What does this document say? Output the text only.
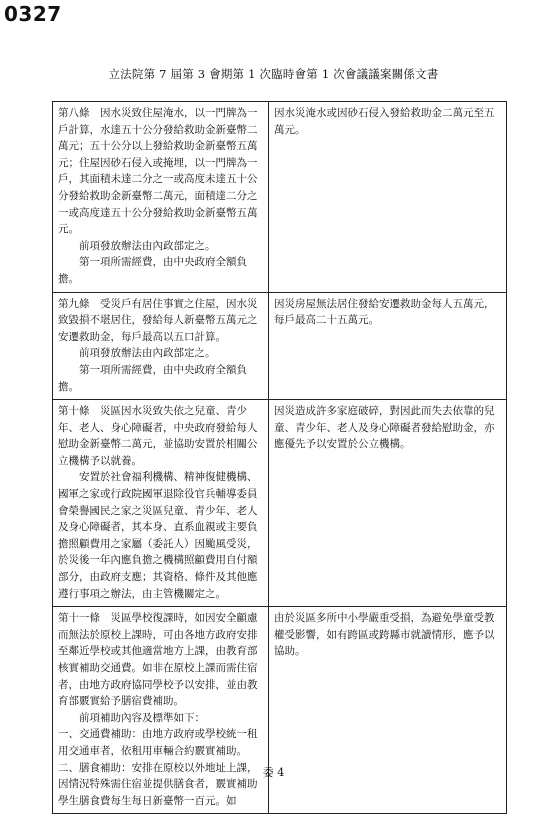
0327
立法院第 7 屆第 3 會期第 1 次臨時會第 1 次會議議案關係文書
第八條　因水災致住屋淹水，以一門牌為一戶計算，水達五十公分發給救助金新臺幣二萬元；五十公分以上發給救助金新臺幣五萬元；住屋因砂石侵入或掩埋，以一門牌為一戶，其面積未達二分之一或高度未達五十公分發給救助金新臺幣二萬元，面積達二分之一或高度達五十公分發給救助金新臺幣五萬元。
　　前項發放辦法由內政部定之。
　　第一項所需經費，由中央政府全額負擔。	因水災淹水或因砂石侵入發給救助金二萬元至五萬元。

第九條　受災戶有居住事實之住屋，因水災致毀損不堪居住，發給每人新臺幣五萬元之安遷救助金，每戶最高以五口計算。
　　前項發放辦法由內政部定之。
　　第一項所需經費，由中央政府全額負擔。	因災房屋無法居住發給安遷救助金每人五萬元，每戶最高二十五萬元。

第十條　災區因水災致失依之兒童、青少年、老人、身心障礙者，中央政府發給每人慰助金新臺幣二萬元，並協助安置於相關公立機構予以就養。
　　安置於社會福利機構、精神復健機構、國軍之家或行政院國軍退除役官兵輔導委員會榮譽國民之家之災區兒童、青少年、老人及身心障礙者，其本身、直系血親或主要負擔照顧費用之家屬（委託人）因颱風受災，於災後一年內應負擔之機構照顧費用自付額部分，由政府支應；其資格、條件及其他應遵行事項之辦法，由主管機關定之。	因災造成許多家庭破碎，對因此而失去依靠的兒童、青少年、老人及身心障礙者發給慰助金，亦應優先予以安置於公立機構。

第十一條　災區學校復課時，如因安全顧慮而無法於原校上課時，可由各地方政府安排至鄰近學校或其他適當地方上課，由教育部核實補助交通費。如非在原校上課而需住宿者，由地方政府協同學校予以安排，並由教育部覈實給予膳宿費補助。
　　前項補助內容及標準如下：
一、交通費補助：由地方政府或學校統一租用交通車者，依租用車輛合約覈實補助。
二、膳食補助：安排在原校以外地址上課，因情況特殊需住宿並提供膳食者，覈實補助學生膳食費每生每日新臺幣一百元。如	由於災區多所中小學嚴重受損，為避免學童受教權受影響，如有跨區或跨縣市就讀情形，應予以協助。
委 4
